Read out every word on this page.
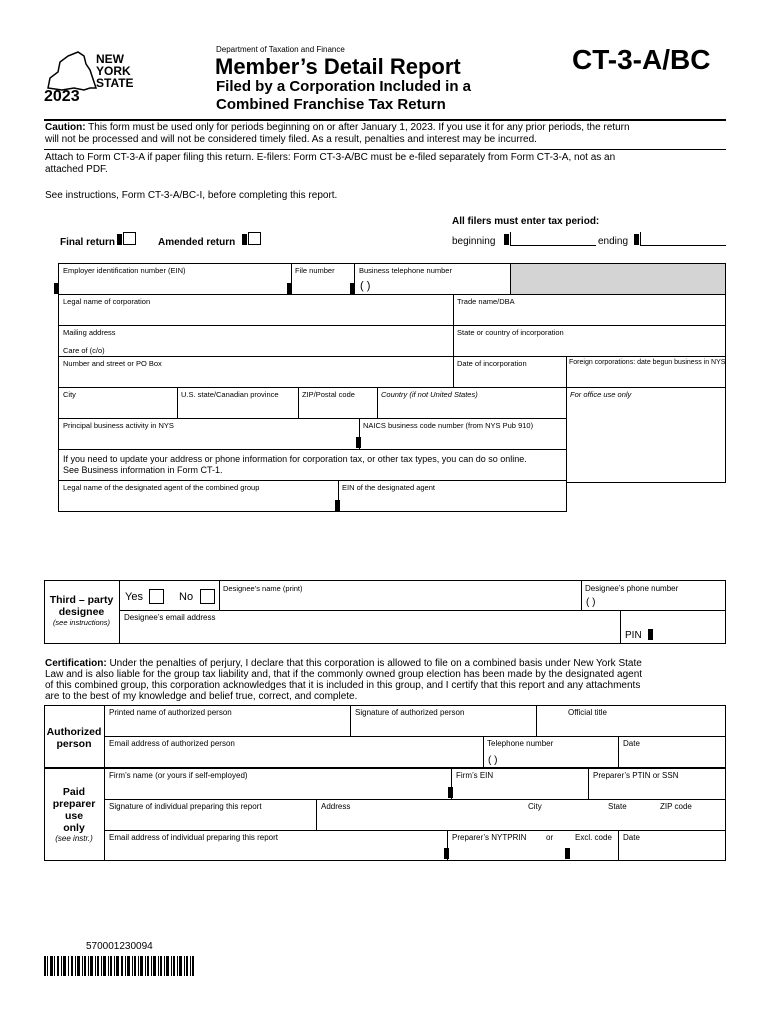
NEW
YORK
STATE
2023
Department of Taxation and Finance
Member’s Detail Report
Filed by a Corporation Included in a
Combined Franchise Tax Return
CT-3-A/BC
Caution: This form must be used only for periods beginning on or after January 1, 2023. If you use it for any prior periods, the return
will not be processed and will not be considered timely filed. As a result, penalties and interest may be incurred.
Attach to Form CT-3-A if paper filing this return. E-filers: Form CT-3-A/BC must be e-filed separately from Form CT-3-A, not as an
attached PDF.
See instructions, Form CT-3-A/BC-I, before completing this report.
All filers must enter tax period:
Final return	Amended return	beginning	ending
Employer identification number (EIN)	File number	Business telephone number
( )
Legal name of corporation	Trade name/DBA
Mailing address
Care of (c/o)
State or country of incorporation
Number and street or PO Box	Date of incorporation	Foreign corporations: date begun business in NYS
City	U.S. state/Canadian province	ZIP/Postal code	Country (if not United States)	For office use only
Principal business activity in NYS	NAICS business code number (from NYS Pub 910)
If you need to update your address or phone information for corporation tax, or other tax types, you can do so online.
See Business information in Form CT-1.
Legal name of the designated agent of the combined group	EIN of the designated agent
Third – party
designee
(see instructions)
Yes	No
Designee’s name (print)	Designee’s phone number
( )
Designee’s email address
PIN
Certification: Under the penalties of perjury, I declare that this corporation is allowed to file on a combined basis under New York State
Law and is also liable for the group tax liability and, that if the commonly owned group election has been made by the designated agent
of this combined group, this corporation acknowledges that it is included in this group, and I certify that this report and any attachments
are to the best of my knowledge and belief true, correct, and complete.
Authorized
person
Printed name of authorized person	Signature of authorized person	Official title
Email address of authorized person	Telephone number
( )
Date
Paid
preparer
use
only
(see instr.)
Firm’s name (or yours if self-employed)	Firm’s EIN	Preparer’s PTIN or SSN
Signature of individual preparing this report	Address	City	State	ZIP code
Email address of individual preparing this report	Preparer’s NYTPRIN or	Excl. code Date
570001230094
